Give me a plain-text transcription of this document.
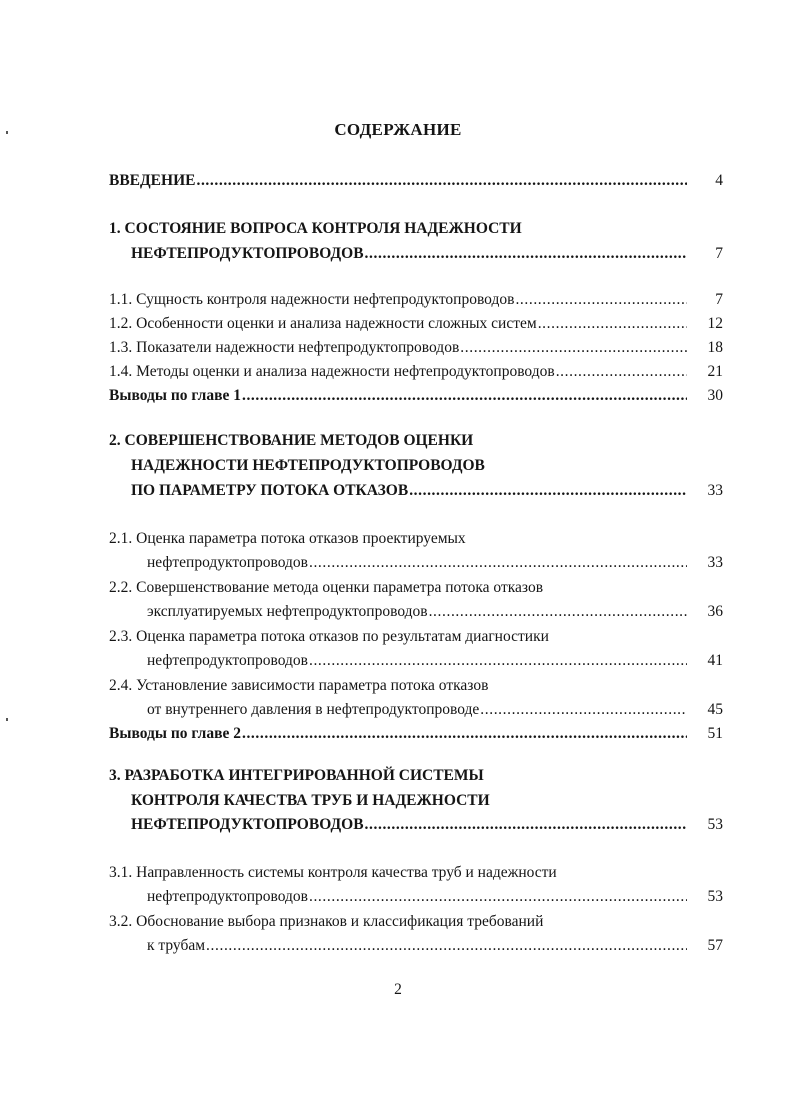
СОДЕРЖАНИЕ
ВВЕДЕНИЕ .....	4
1. СОСТОЯНИЕ ВОПРОСА КОНТРОЛЯ НАДЕЖНОСТИ
НЕФТЕПРОДУКТОПРОВОДОВ .....	7
1.1. Сущность контроля надежности нефтепродуктопроводов .....	7
1.2. Особенности оценки и анализа надежности сложных систем .....	12
1.3. Показатели надежности нефтепродуктопроводов .....	18
1.4. Методы оценки и анализа надежности нефтепродуктопроводов .....	21
Выводы по главе 1 .....	30
2. СОВЕРШЕНСТВОВАНИЕ МЕТОДОВ ОЦЕНКИ
НАДЕЖНОСТИ НЕФТЕПРОДУКТОПРОВОДОВ
ПО ПАРАМЕТРУ ПОТОКА ОТКАЗОВ .....	33
2.1. Оценка параметра потока отказов проектируемых
нефтепродуктопроводов .....	33
2.2. Совершенствование метода оценки параметра потока отказов
эксплуатируемых нефтепродуктопроводов .....	36
2.3. Оценка параметра потока отказов по результатам диагностики
нефтепродуктопроводов .....	41
2.4. Установление зависимости параметра потока отказов
от внутреннего давления в нефтепродуктопроводе .....	45
Выводы по главе 2 .....	51
3. РАЗРАБОТКА ИНТЕГРИРОВАННОЙ СИСТЕМЫ
КОНТРОЛЯ КАЧЕСТВА ТРУБ И НАДЕЖНОСТИ
НЕФТЕПРОДУКТОПРОВОДОВ .....	53
3.1. Направленность системы контроля качества труб и надежности
нефтепродуктопроводов .....	53
3.2. Обоснование выбора признаков и классификация требований
к трубам .....	57
2
